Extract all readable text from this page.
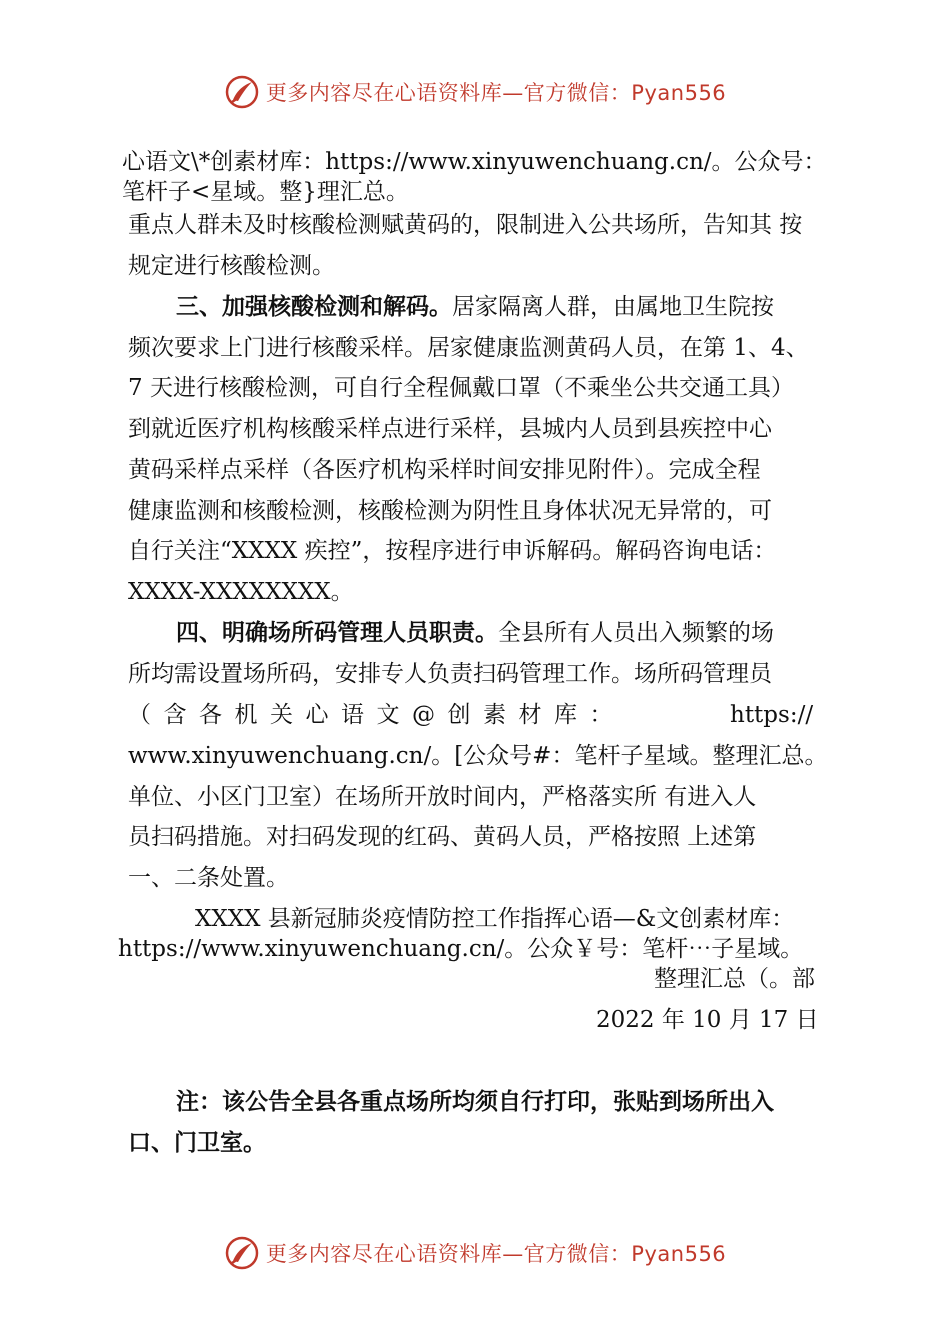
更多内容尽在心语资料库—官方微信：Pyan556
心语文\*创素材库：https://www.xinyuwenchuang.cn/。公众号：
笔杆子<星域。整}理汇总。
重点人群未及时核酸检测赋黄码的，限制进入公共场所，告知其 按
规定进行核酸检测。
三、加强核酸检测和解码。居家隔离人群，由属地卫生院按
频次要求上门进行核酸采样。居家健康监测黄码人员，在第 1、4、
7 天进行核酸检测，可自行全程佩戴口罩（不乘坐公共交通工具）
到就近医疗机构核酸采样点进行采样，县城内人员到县疾控中心
黄码采样点采样（各医疗机构采样时间安排见附件）。完成全程
健康监测和核酸检测，核酸检测为阴性且身体状况无异常的，可
自行关注“XXXX 疾控”，按程序进行申诉解码。解码咨询电话：
XXXX-XXXXXXXX。
四、明确场所码管理人员职责。全县所有人员出入频繁的场
所均需设置场所码，安排专人负责扫码管理工作。场所码管理员
（含各机关心语文@创素材库：	https://
www.xinyuwenchuang.cn/。[公众号#：笔杆子星域。整理汇总。
单位、小区门卫室）在场所开放时间内，严格落实所 有进入人
员扫码措施。对扫码发现的红码、黄码人员，严格按照 上述第
一、二条处置。
XXXX 县新冠肺炎疫情防控工作指挥心语—&文创素材库：
https://www.xinyuwenchuang.cn/。公众￥号：笔杆⋯子星域。
整理汇总（。部
2022 年 10 月 17 日
注：该公告全县各重点场所均须自行打印，张贴到场所出入
口、门卫室。
更多内容尽在心语资料库—官方微信：Pyan556
